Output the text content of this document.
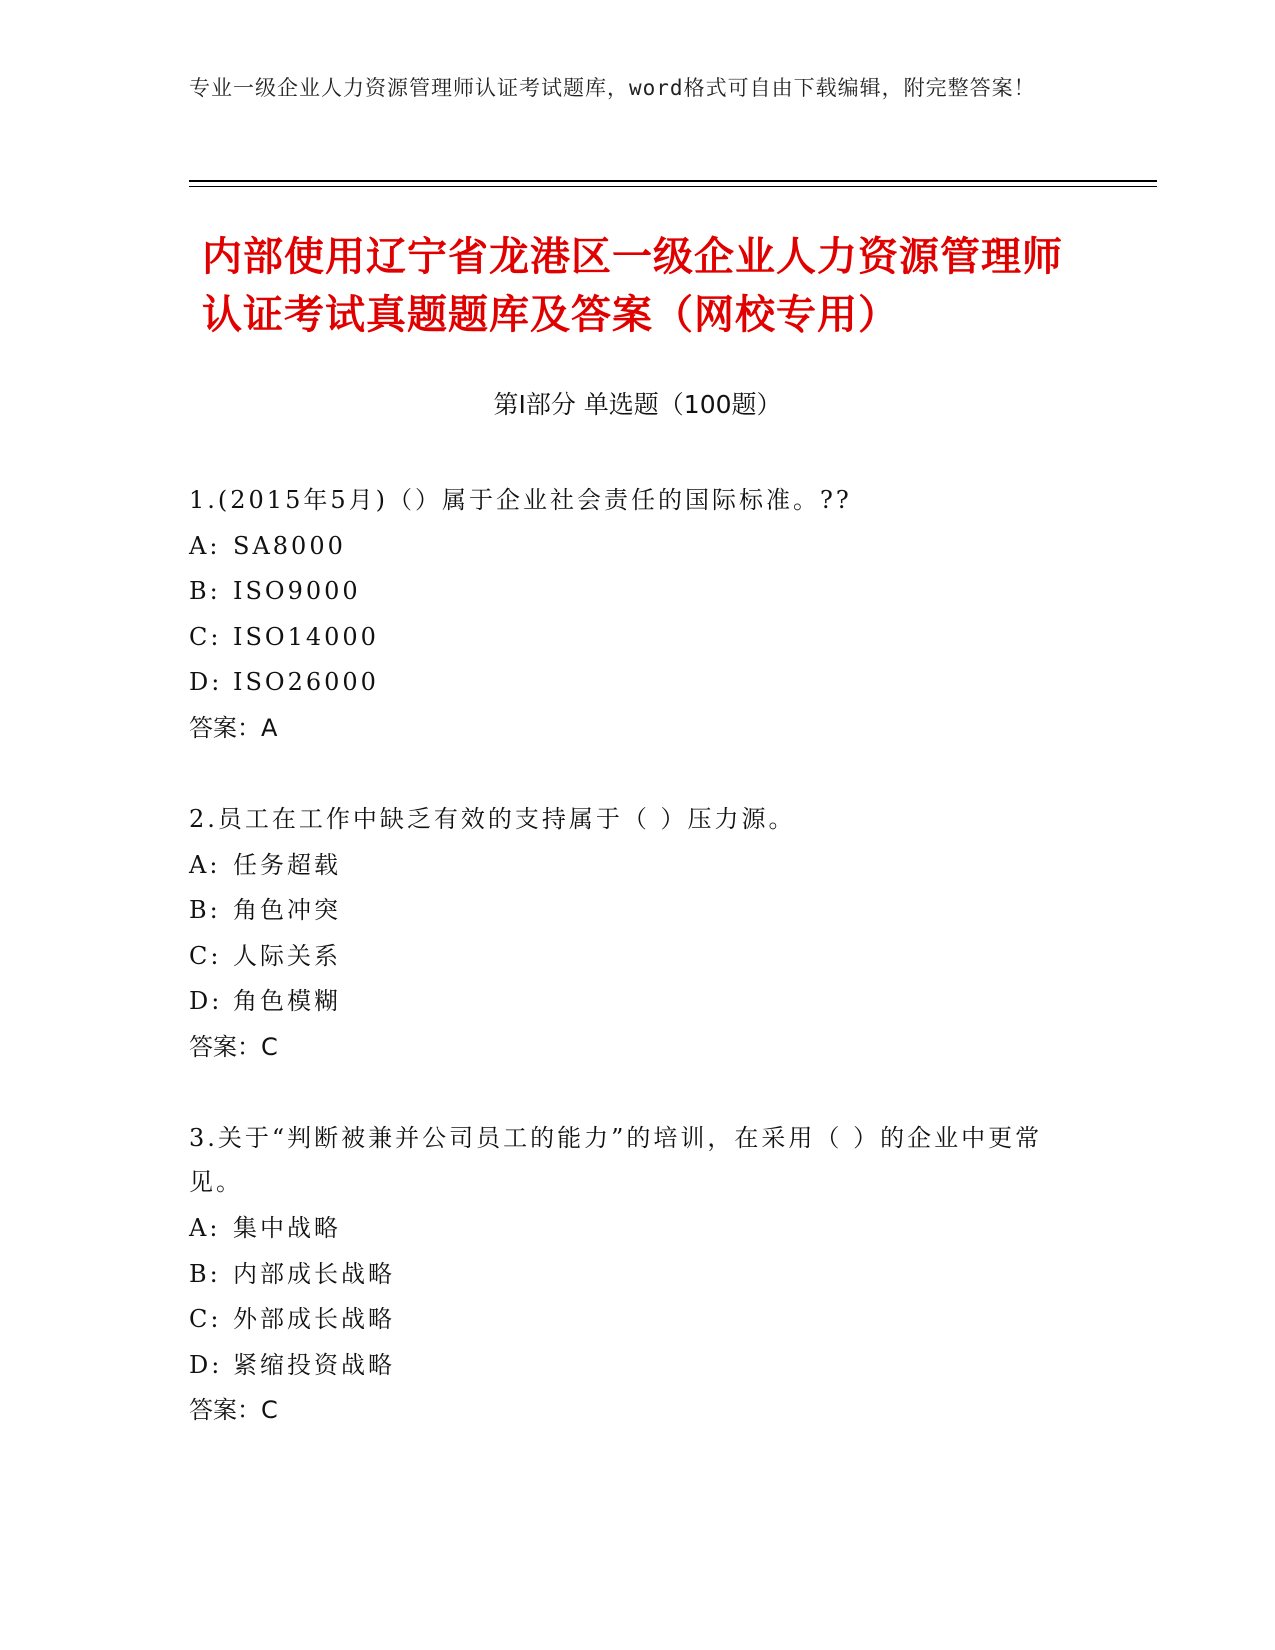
专业一级企业人力资源管理师认证考试题库，word格式可自由下载编辑，附完整答案！
内部使用辽宁省龙港区一级企业人力资源管理师认证考试真题题库及答案（网校专用）
第Ⅰ部分 单选题（100题）

1.(2015年5月)（）属于企业社会责任的国际标准。??

A: SA8000

B: ISO9000

C: ISO14000

D: ISO26000

答案：A

2.员工在工作中缺乏有效的支持属于（ ）压力源。

A: 任务超载

B: 角色冲突

C: 人际关系

D: 角色模糊

答案：C

3.关于“判断被兼并公司员工的能力”的培训，在采用（ ）的企业中更常见。

A: 集中战略

B: 内部成长战略

C: 外部成长战略

D: 紧缩投资战略

答案：C
